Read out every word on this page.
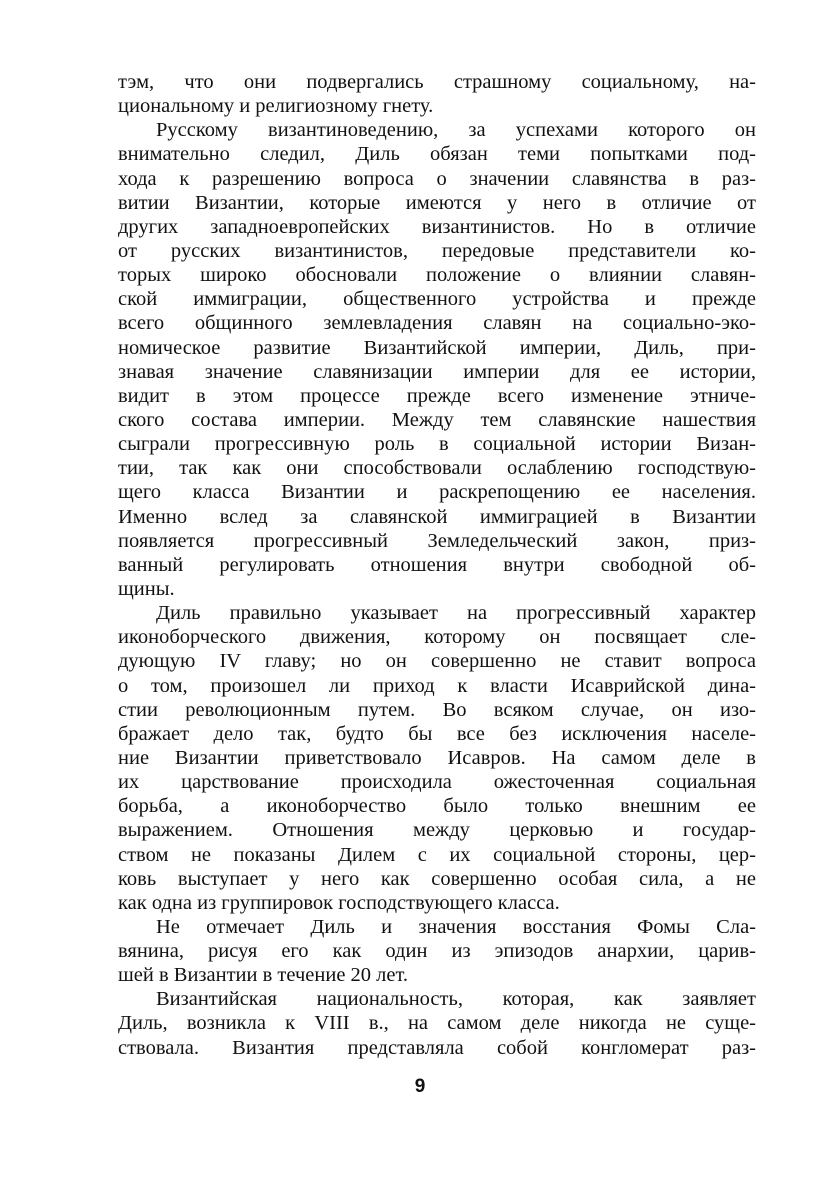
тэм, что они подвергались страшному социальному, на-
циональному и религиозному гнету.
Русскому византиноведению, за успехами которого он
внимательно следил, Диль обязан теми попытками под-
хода к разрешению вопроса о значении славянства в раз-
витии Византии, которые имеются у него в отличие от
других западноевропейских византинистов. Но в отличие
от русских византинистов, передовые представители ко-
торых широко обосновали положение о влиянии славян-
ской иммиграции, общественного устройства и прежде
всего общинного землевладения славян на социально-эко-
номическое развитие Византийской империи, Диль, при-
знавая значение славянизации империи для ее истории,
видит в этом процессе прежде всего изменение этниче-
ского состава империи. Между тем славянские нашествия
сыграли прогрессивную роль в социальной истории Визан-
тии, так как они способствовали ослаблению господствую-
щего класса Византии и раскрепощению ее населения.
Именно вслед за славянской иммиграцией в Византии
появляется прогрессивный Земледельческий закон, приз-
ванный регулировать отношения внутри свободной об-
щины.
Диль правильно указывает на прогрессивный характер
иконоборческого движения, которому он посвящает сле-
дующую IV главу; но он совершенно не ставит вопроса
о том, произошел ли приход к власти Исаврийской дина-
стии революционным путем. Во всяком случае, он изо-
бражает дело так, будто бы все без исключения населе-
ние Византии приветствовало Исавров. На самом деле в
их царствование происходила ожесточенная социальная
борьба, а иконоборчество было только внешним ее
выражением. Отношения между церковью и государ-
ством не показаны Дилем с их социальной стороны, цер-
ковь выступает у него как совершенно особая сила, а не
как одна из группировок господствующего класса.
Не отмечает Диль и значения восстания Фомы Сла-
вянина, рисуя его как один из эпизодов анархии, царив-
шей в Византии в течение 20 лет.
Византийская национальность, которая, как заявляет
Диль, возникла к VIII в., на самом деле никогда не суще-
ствовала. Византия представляла собой конгломерат раз-
9
